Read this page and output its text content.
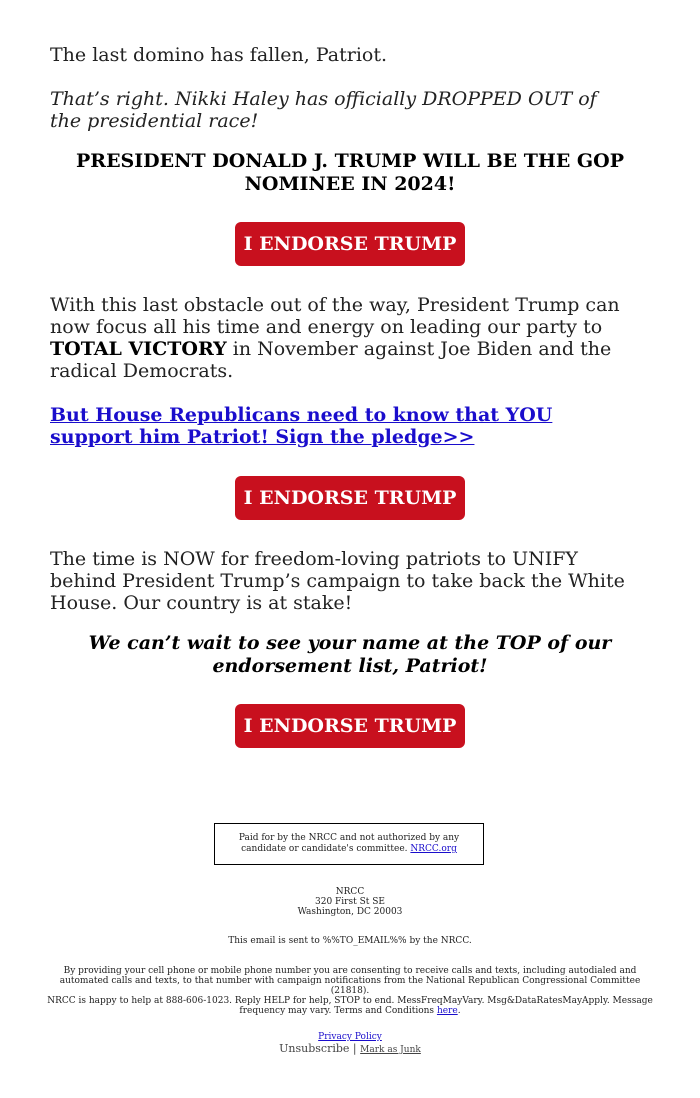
The last domino has fallen, Patriot.

That’s right. Nikki Haley has officially DROPPED OUT of the presidential race!

PRESIDENT DONALD J. TRUMP WILL BE THE GOP NOMINEE IN 2024!
I ENDORSE TRUMP

With this last obstacle out of the way, President Trump can now focus all his time and energy on leading our party to TOTAL VICTORY in November against Joe Biden and the radical Democrats.

But House Republicans need to know that YOU support him Patriot! Sign the pledge>>
I ENDORSE TRUMP

The time is NOW for freedom-loving patriots to UNIFY behind President Trump’s campaign to take back the White House. Our country is at stake!

We can’t wait to see your name at the TOP of our endorsement list, Patriot!
I ENDORSE TRUMP
Paid for by the NRCC and not authorized by any candidate or candidate's committee. NRCC.org
NRCC
320 First St SE
Washington, DC 20003
This email is sent to %%TO_EMAIL%% by the NRCC.
By providing your cell phone or mobile phone number you are consenting to receive calls and texts, including autodialed and automated calls and texts, to that number with campaign notifications from the National Republican Congressional Committee (21818).
NRCC is happy to help at 888-606-1023. Reply HELP for help, STOP to end. MessFreqMayVary. Msg&DataRatesMayApply. Message frequency may vary. Terms and Conditions here.
Privacy Policy
Unsubscribe | Mark as Junk
